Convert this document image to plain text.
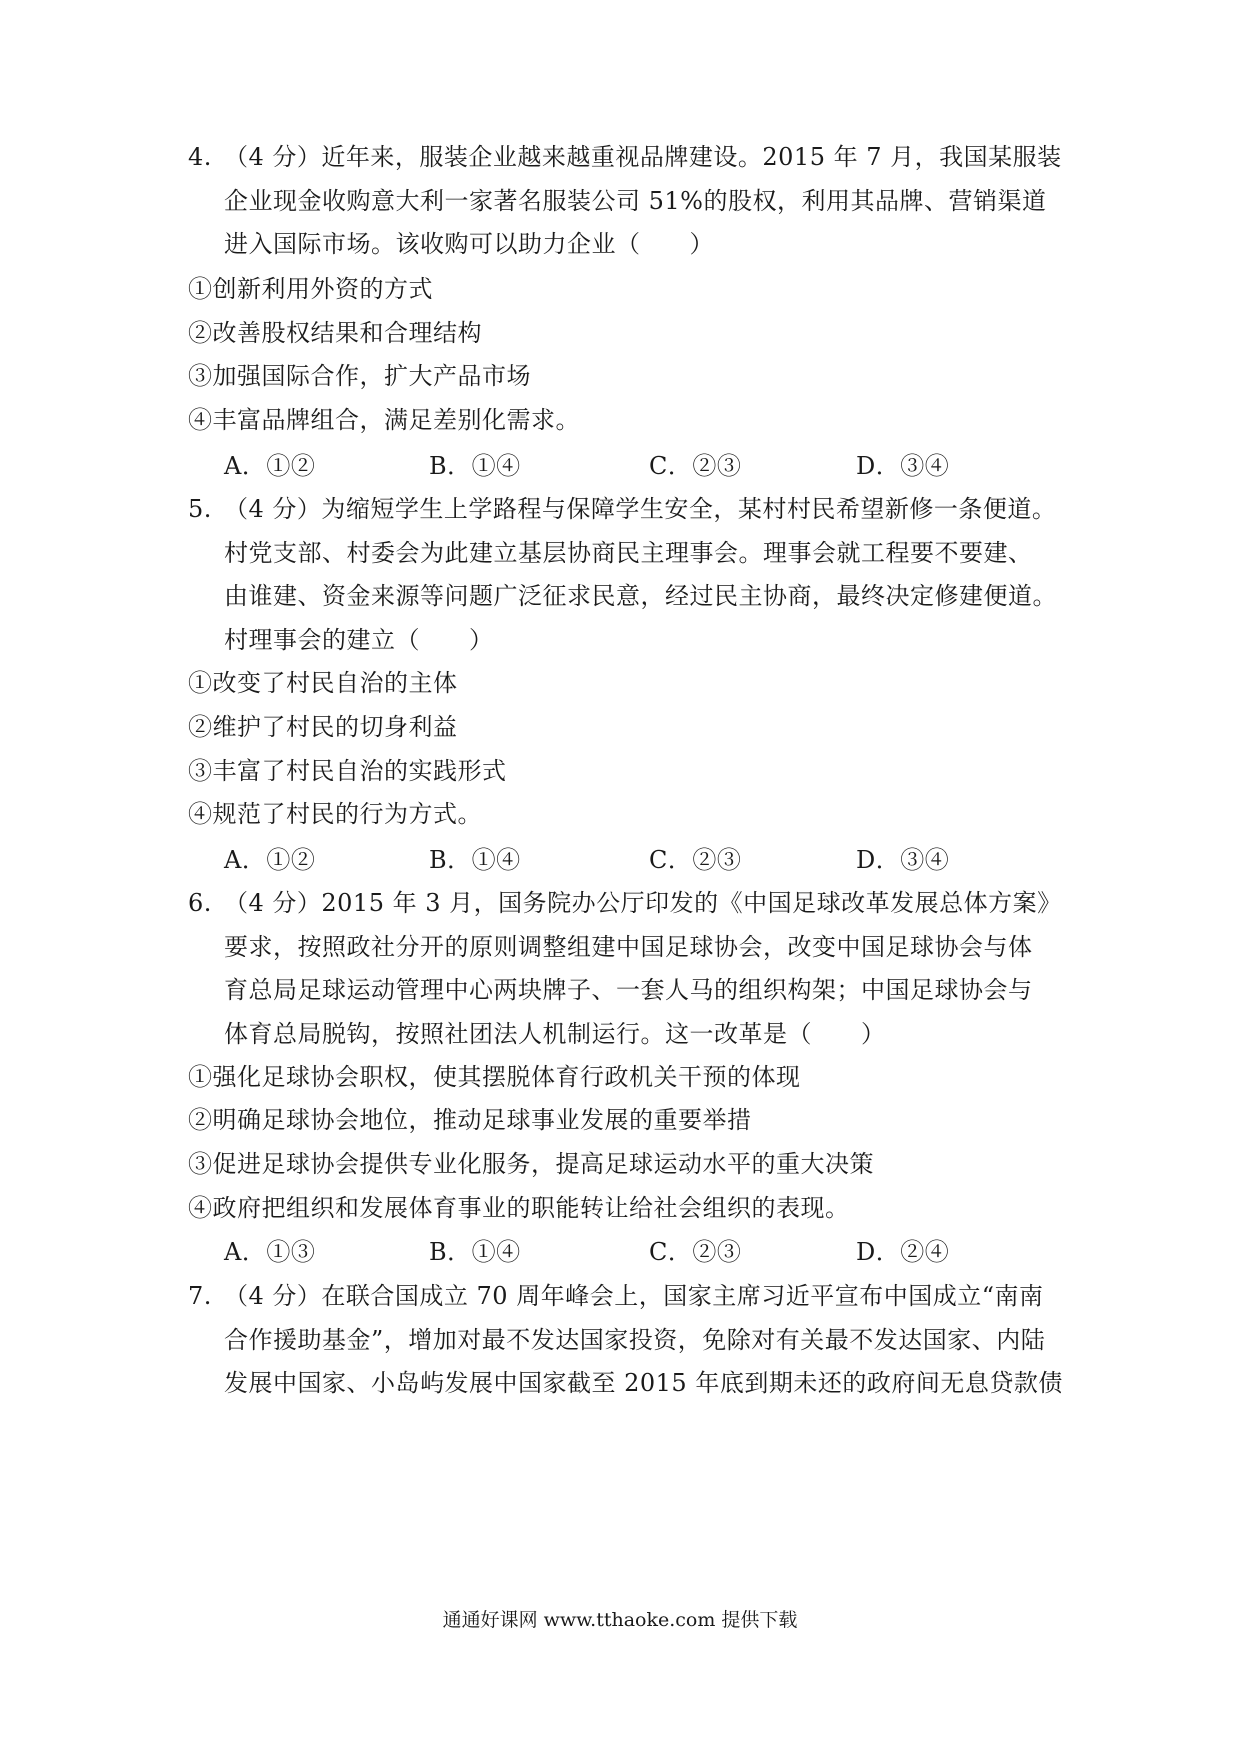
4. （4 分）近年来，服装企业越来越重视品牌建设。2015 年 7 月，我国某服装
企业现金收购意大利一家著名服装公司 51%的股权，利用其品牌、营销渠道
进入国际市场。该收购可以助力企业（　　）
①创新利用外资的方式
②改善股权结果和合理结构
③加强国际合作，扩大产品市场
④丰富品牌组合，满足差别化需求。
A．①②	B．①④	C．②③	D．③④
5. （4 分）为缩短学生上学路程与保障学生安全，某村村民希望新修一条便道。
村党支部、村委会为此建立基层协商民主理事会。理事会就工程要不要建、
由谁建、资金来源等问题广泛征求民意，经过民主协商，最终决定修建便道。
村理事会的建立（　　）
①改变了村民自治的主体
②维护了村民的切身利益
③丰富了村民自治的实践形式
④规范了村民的行为方式。
A．①②	B．①④	C．②③	D．③④
6. （4 分）2015 年 3 月，国务院办公厅印发的《中国足球改革发展总体方案》
要求，按照政社分开的原则调整组建中国足球协会，改变中国足球协会与体
育总局足球运动管理中心两块牌子、一套人马的组织构架；中国足球协会与
体育总局脱钩，按照社团法人机制运行。这一改革是（　　）
①强化足球协会职权，使其摆脱体育行政机关干预的体现
②明确足球协会地位，推动足球事业发展的重要举措
③促进足球协会提供专业化服务，提高足球运动水平的重大决策
④政府把组织和发展体育事业的职能转让给社会组织的表现。
A．①③	B．①④	C．②③	D．②④
7. （4 分）在联合国成立 70 周年峰会上，国家主席习近平宣布中国成立“南南
合作援助基金”，增加对最不发达国家投资，免除对有关最不发达国家、内陆
发展中国家、小岛屿发展中国家截至 2015 年底到期未还的政府间无息贷款债
通通好课网 www.tthaoke.com 提供下载
